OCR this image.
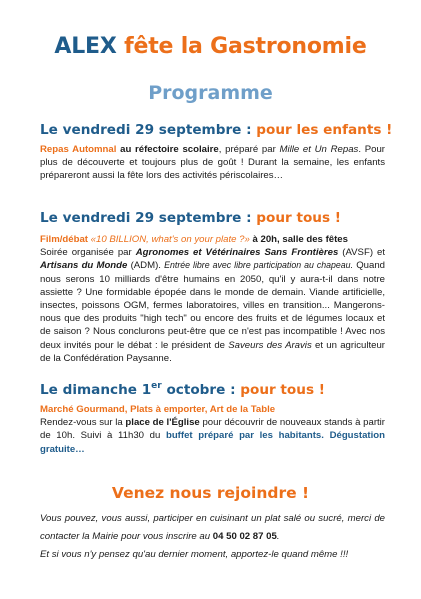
ALEX fête la Gastronomie
Programme
Le vendredi 29 septembre : pour les enfants !

Repas Automnal au réfectoire scolaire, préparé par Mille et Un Repas. Pour plus de découverte et toujours plus de goût ! Durant la semaine, les enfants prépareront aussi la fête lors des activités périscolaires…

Le vendredi 29 septembre : pour tous !

Film/débat «10 BILLION, what's on your plate ?» à 20h, salle des fêtes
Soirée organisée par Agronomes et Vétérinaires Sans Frontières (AVSF) et Artisans du Monde (ADM). Entrée libre avec libre participation au chapeau. Quand nous serons 10 milliards d'être humains en 2050, qu'il y aura-t-il dans notre assiette ? Une formidable épopée dans le monde de demain. Viande artificielle, insectes, poissons OGM, fermes laboratoires, villes en transition... Mangerons-nous que des produits "high tech" ou encore des fruits et de légumes locaux et de saison ? Nous conclurons peut-être que ce n'est pas incompatible ! Avec nos deux invités pour le débat : le président de Saveurs des Aravis et un agriculteur de la Confédération Paysanne.

Le dimanche 1er octobre : pour tous !

Marché Gourmand, Plats à emporter, Art de la Table
Rendez-vous sur la place de l'Église pour découvrir de nouveaux stands à partir de 10h. Suivi à 11h30 du buffet préparé par les habitants. Dégustation gratuite…

Venez nous rejoindre !

Vous pouvez, vous aussi, participer en cuisinant un plat salé ou sucré, merci de contacter la Mairie pour vous inscrire au 04 50 02 87 05.
Et si vous n'y pensez qu'au dernier moment, apportez-le quand même !!!
